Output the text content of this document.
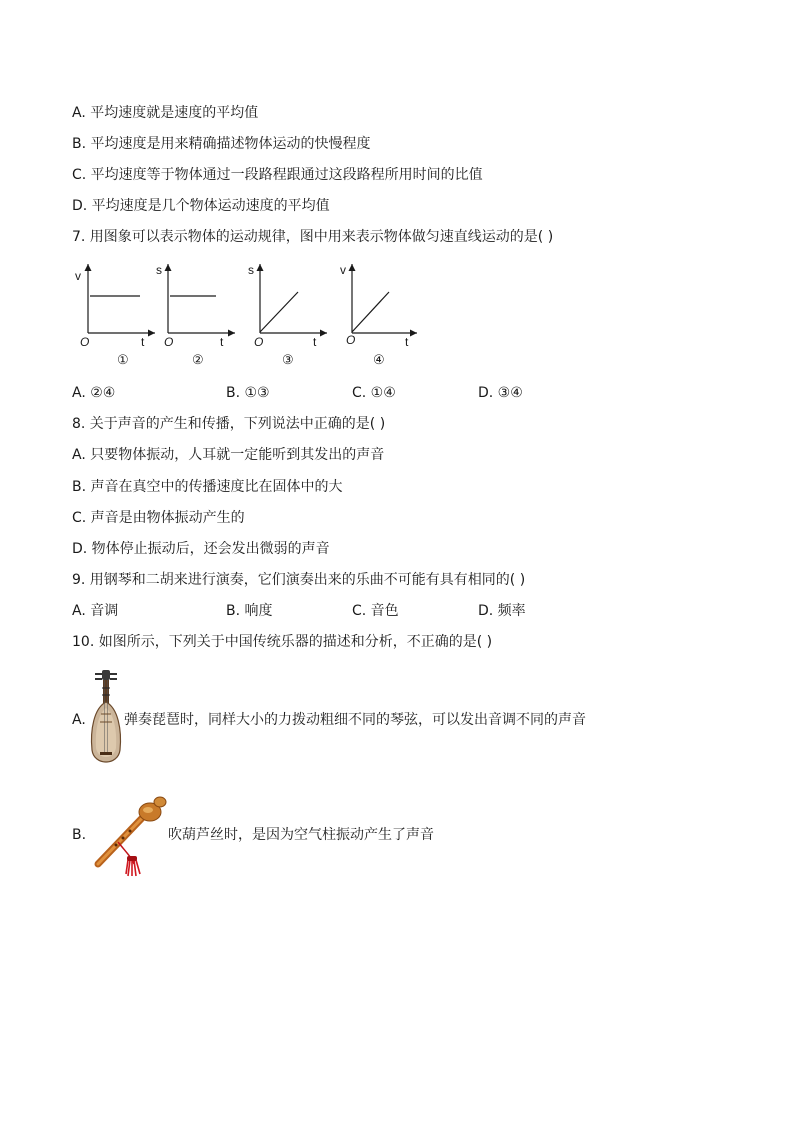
A. 平均速度就是速度的平均值
B. 平均速度是用来精确描述物体运动的快慢程度
C. 平均速度等于物体通过一段路程跟通过这段路程所用时间的比值
D. 平均速度是几个物体运动速度的平均值
7. 用图象可以表示物体的运动规律，图中用来表示物体做匀速直线运动的是( )
v
O	t
①
s
O	t
②
s
O	t
③
v
O	t
④
A. ②④	B. ①③	C. ①④	D. ③④
8. 关于声音的产生和传播，下列说法中正确的是( )
A. 只要物体振动，人耳就一定能听到其发出的声音
B. 声音在真空中的传播速度比在固体中的大
C. 声音是由物体振动产生的
D. 物体停止振动后，还会发出微弱的声音
9. 用钢琴和二胡来进行演奏，它们演奏出来的乐曲不可能有具有相同的( )
A. 音调	B. 响度	C. 音色	D. 频率
10. 如图所示，下列关于中国传统乐器的描述和分析，不正确的是( )
A.	弹奏琵琶时，同样大小的力拨动粗细不同的琴弦，可以发出音调不同的声音
B.	吹葫芦丝时，是因为空气柱振动产生了声音
